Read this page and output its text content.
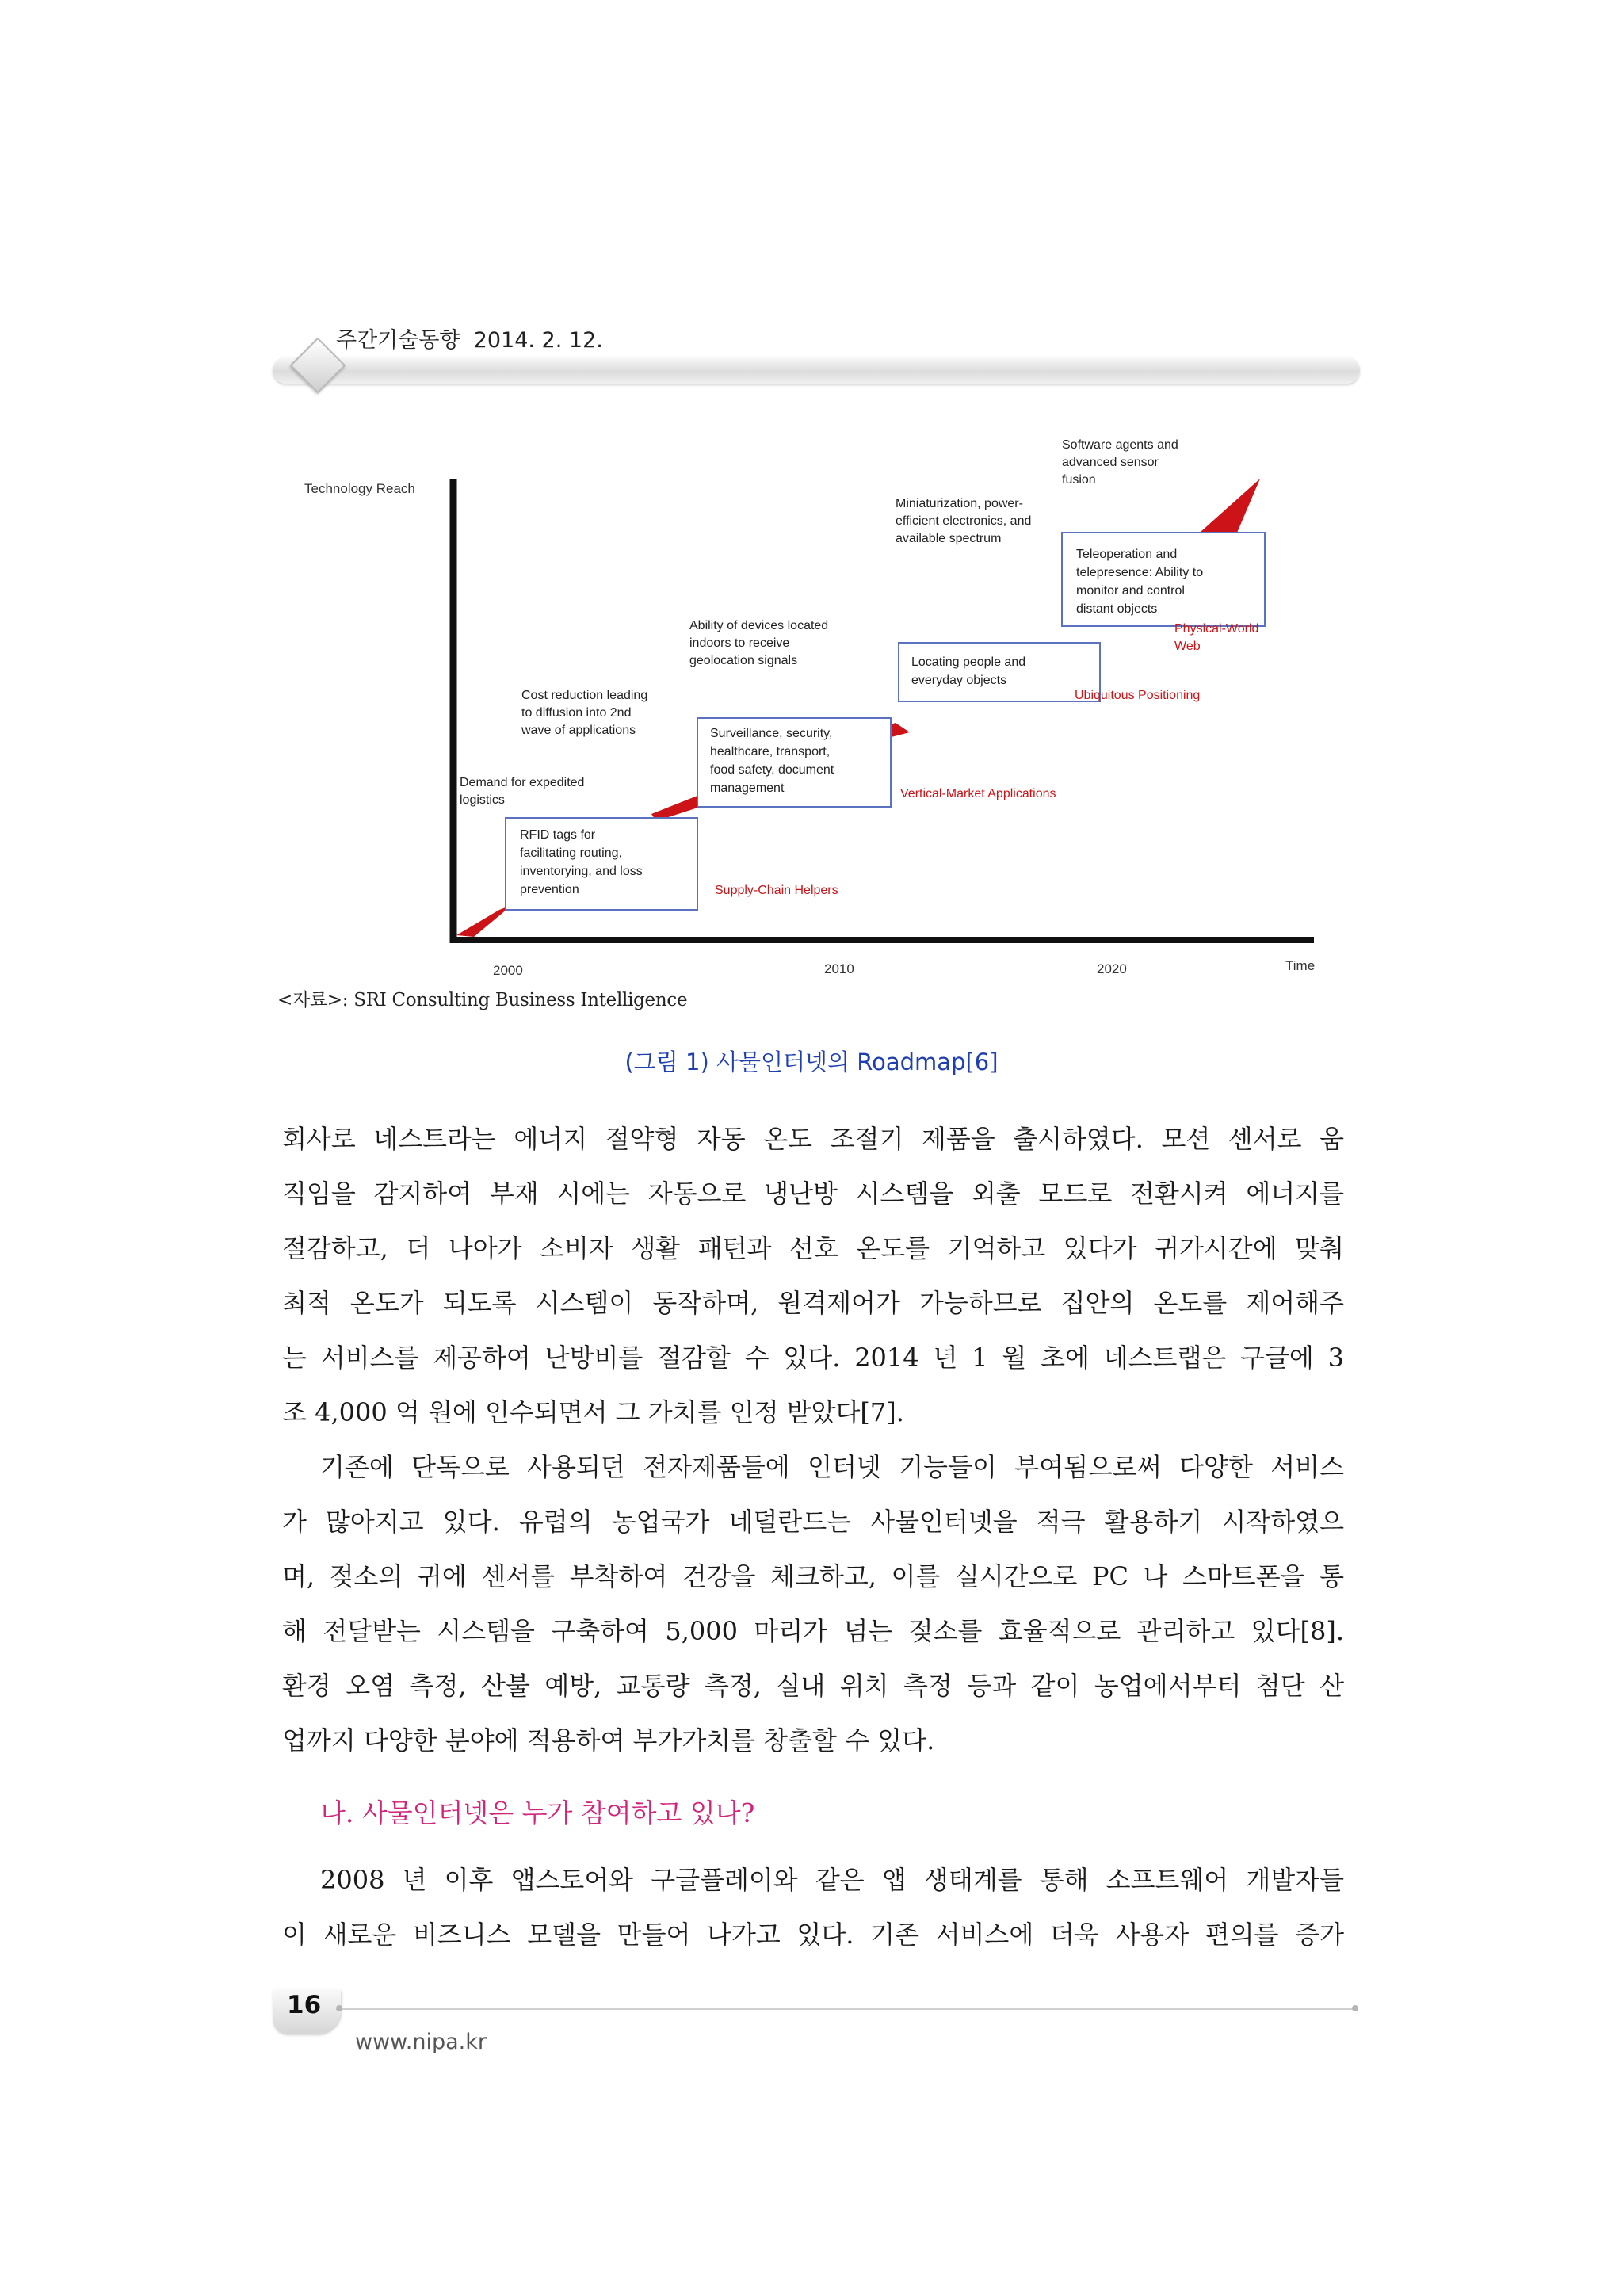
주간기술동향 2014. 2. 12.
Technology Reach
Time
2000	2010	2020
RFID tags for facilitating routing, inventorying, and loss prevention
Surveillance, security, healthcare, transport, food safety, document management
Locating people and everyday objects
Teleoperation and telepresence: Ability to monitor and control distant objects
Demand for expedited logistics
Cost reduction leading to diffusion into 2nd wave of applications
Ability of devices located indoors to receive geolocation signals
Miniaturization, power- efficient electronics, and available spectrum
Software agents and advanced sensor fusion
Supply-Chain Helpers
Vertical-Market Applications
Ubiquitous Positioning
Physical-World Web
<자료>: SRI Consulting Business Intelligence
(그림 1) 사물인터넷의 Roadmap[6]

회사로 네스트라는 에너지 절약형 자동 온도 조절기 제품을 출시하였다. 모션 센서로 움
직임을 감지하여 부재 시에는 자동으로 냉난방 시스템을 외출 모드로 전환시켜 에너지를
절감하고, 더 나아가 소비자 생활 패턴과 선호 온도를 기억하고 있다가 귀가시간에 맞춰
최적 온도가 되도록 시스템이 동작하며, 원격제어가 가능하므로 집안의 온도를 제어해주
는 서비스를 제공하여 난방비를 절감할 수 있다. 2014 년 1 월 초에 네스트랩은 구글에 3
조 4,000 억 원에 인수되면서 그 가치를 인정 받았다[7].

기존에 단독으로 사용되던 전자제품들에 인터넷 기능들이 부여됨으로써 다양한 서비스
가 많아지고 있다. 유럽의 농업국가 네덜란드는 사물인터넷을 적극 활용하기 시작하였으
며, 젖소의 귀에 센서를 부착하여 건강을 체크하고, 이를 실시간으로 PC 나 스마트폰을 통
해 전달받는 시스템을 구축하여 5,000 마리가 넘는 젖소를 효율적으로 관리하고 있다[8].
환경 오염 측정, 산불 예방, 교통량 측정, 실내 위치 측정 등과 같이 농업에서부터 첨단 산
업까지 다양한 분야에 적용하여 부가가치를 창출할 수 있다.

나. 사물인터넷은 누가 참여하고 있나?

2008 년 이후 앱스토어와 구글플레이와 같은 앱 생태계를 통해 소프트웨어 개발자들
이 새로운 비즈니스 모델을 만들어 나가고 있다. 기존 서비스에 더욱 사용자 편의를 증가

16
www.nipa.kr
